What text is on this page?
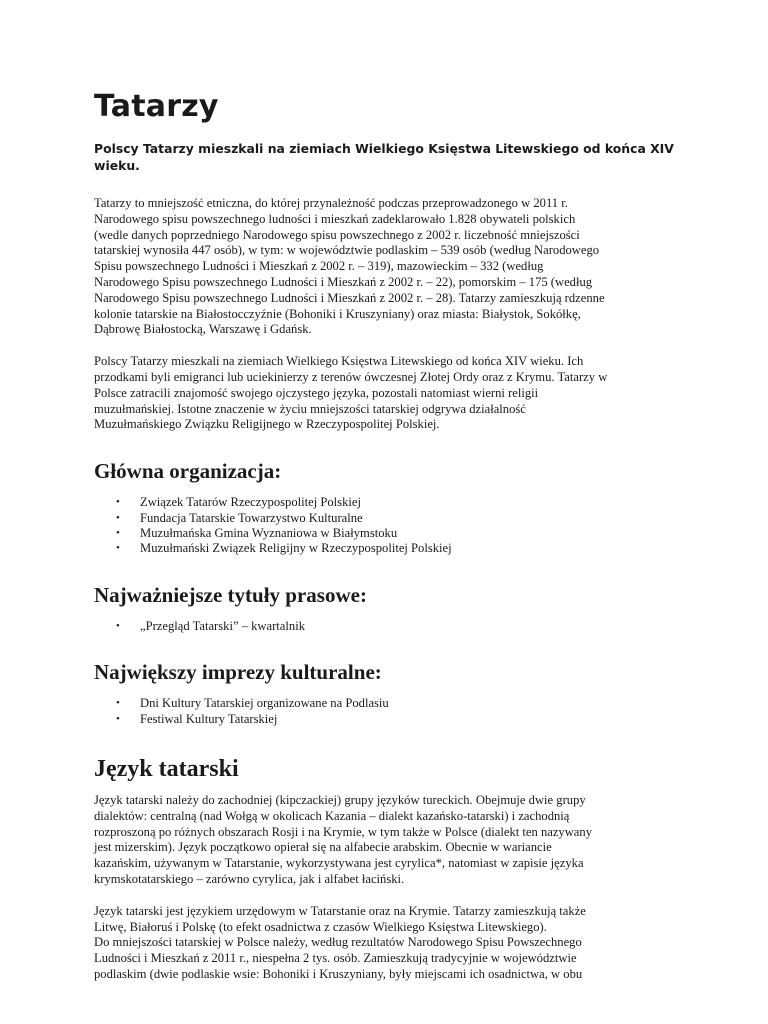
Tatarzy

Polscy Tatarzy mieszkali na ziemiach Wielkiego Księstwa Litewskiego od końca XIV wieku.

Tatarzy to mniejszość etniczna, do której przynależność podczas przeprowadzonego w 2011 r.
Narodowego spisu powszechnego ludności i mieszkań zadeklarowało 1.828 obywateli polskich
(wedle danych poprzedniego Narodowego spisu powszechnego z 2002 r. liczebność mniejszości
tatarskiej wynosiła 447 osób), w tym: w województwie podlaskim – 539 osób (według Narodowego
Spisu powszechnego Ludności i Mieszkań z 2002 r. – 319), mazowieckim – 332 (według
Narodowego Spisu powszechnego Ludności i Mieszkań z 2002 r. – 22), pomorskim – 175 (według
Narodowego Spisu powszechnego Ludności i Mieszkań z 2002 r. – 28). Tatarzy zamieszkują rdzenne
kolonie tatarskie na Białostocczyźnie (Bohoniki i Kruszyniany) oraz miasta: Białystok, Sokółkę,
Dąbrowę Białostocką, Warszawę i Gdańsk.
Polscy Tatarzy mieszkali na ziemiach Wielkiego Księstwa Litewskiego od końca XIV wieku. Ich
przodkami byli emigranci lub uciekinierzy z terenów ówczesnej Złotej Ordy oraz z Krymu. Tatarzy w
Polsce zatracili znajomość swojego ojczystego języka, pozostali natomiast wierni religii
muzułmańskiej. Istotne znaczenie w życiu mniejszości tatarskiej odgrywa działalność
Muzułmańskiego Związku Religijnego w Rzeczypospolitej Polskiej.
Główna organizacja:
• Związek Tatarów Rzeczypospolitej Polskiej
• Fundacja Tatarskie Towarzystwo Kulturalne
• Muzułmańska Gmina Wyznaniowa w Białymstoku
• Muzułmański Związek Religijny w Rzeczypospolitej Polskiej
Najważniejsze tytuły prasowe:
• „Przegląd Tatarski” – kwartalnik
Największy imprezy kulturalne:
• Dni Kultury Tatarskiej organizowane na Podlasiu
• Festiwal Kultury Tatarskiej
Język tatarski
Język tatarski należy do zachodniej (kipczackiej) grupy języków tureckich. Obejmuje dwie grupy
dialektów: centralną (nad Wołgą w okolicach Kazania – dialekt kazańsko-tatarski) i zachodnią
rozproszoną po różnych obszarach Rosji i na Krymie, w tym także w Polsce (dialekt ten nazywany
jest mizerskim). Język początkowo opierał się na alfabecie arabskim. Obecnie w wariancie
kazańskim, używanym w Tatarstanie, wykorzystywana jest cyrylica*, natomiast w zapisie języka
krymskotatarskiego – zarówno cyrylica, jak i alfabet łaciński.
Język tatarski jest językiem urzędowym w Tatarstanie oraz na Krymie. Tatarzy zamieszkują także
Litwę, Białoruś i Polskę (to efekt osadnictwa z czasów Wielkiego Księstwa Litewskiego).
Do mniejszości tatarskiej w Polsce należy, według rezultatów Narodowego Spisu Powszechnego
Ludności i Mieszkań z 2011 r., niespełna 2 tys. osób. Zamieszkują tradycyjnie w województwie
podlaskim (dwie podlaskie wsie: Bohoniki i Kruszyniany, były miejscami ich osadnictwa, w obu
